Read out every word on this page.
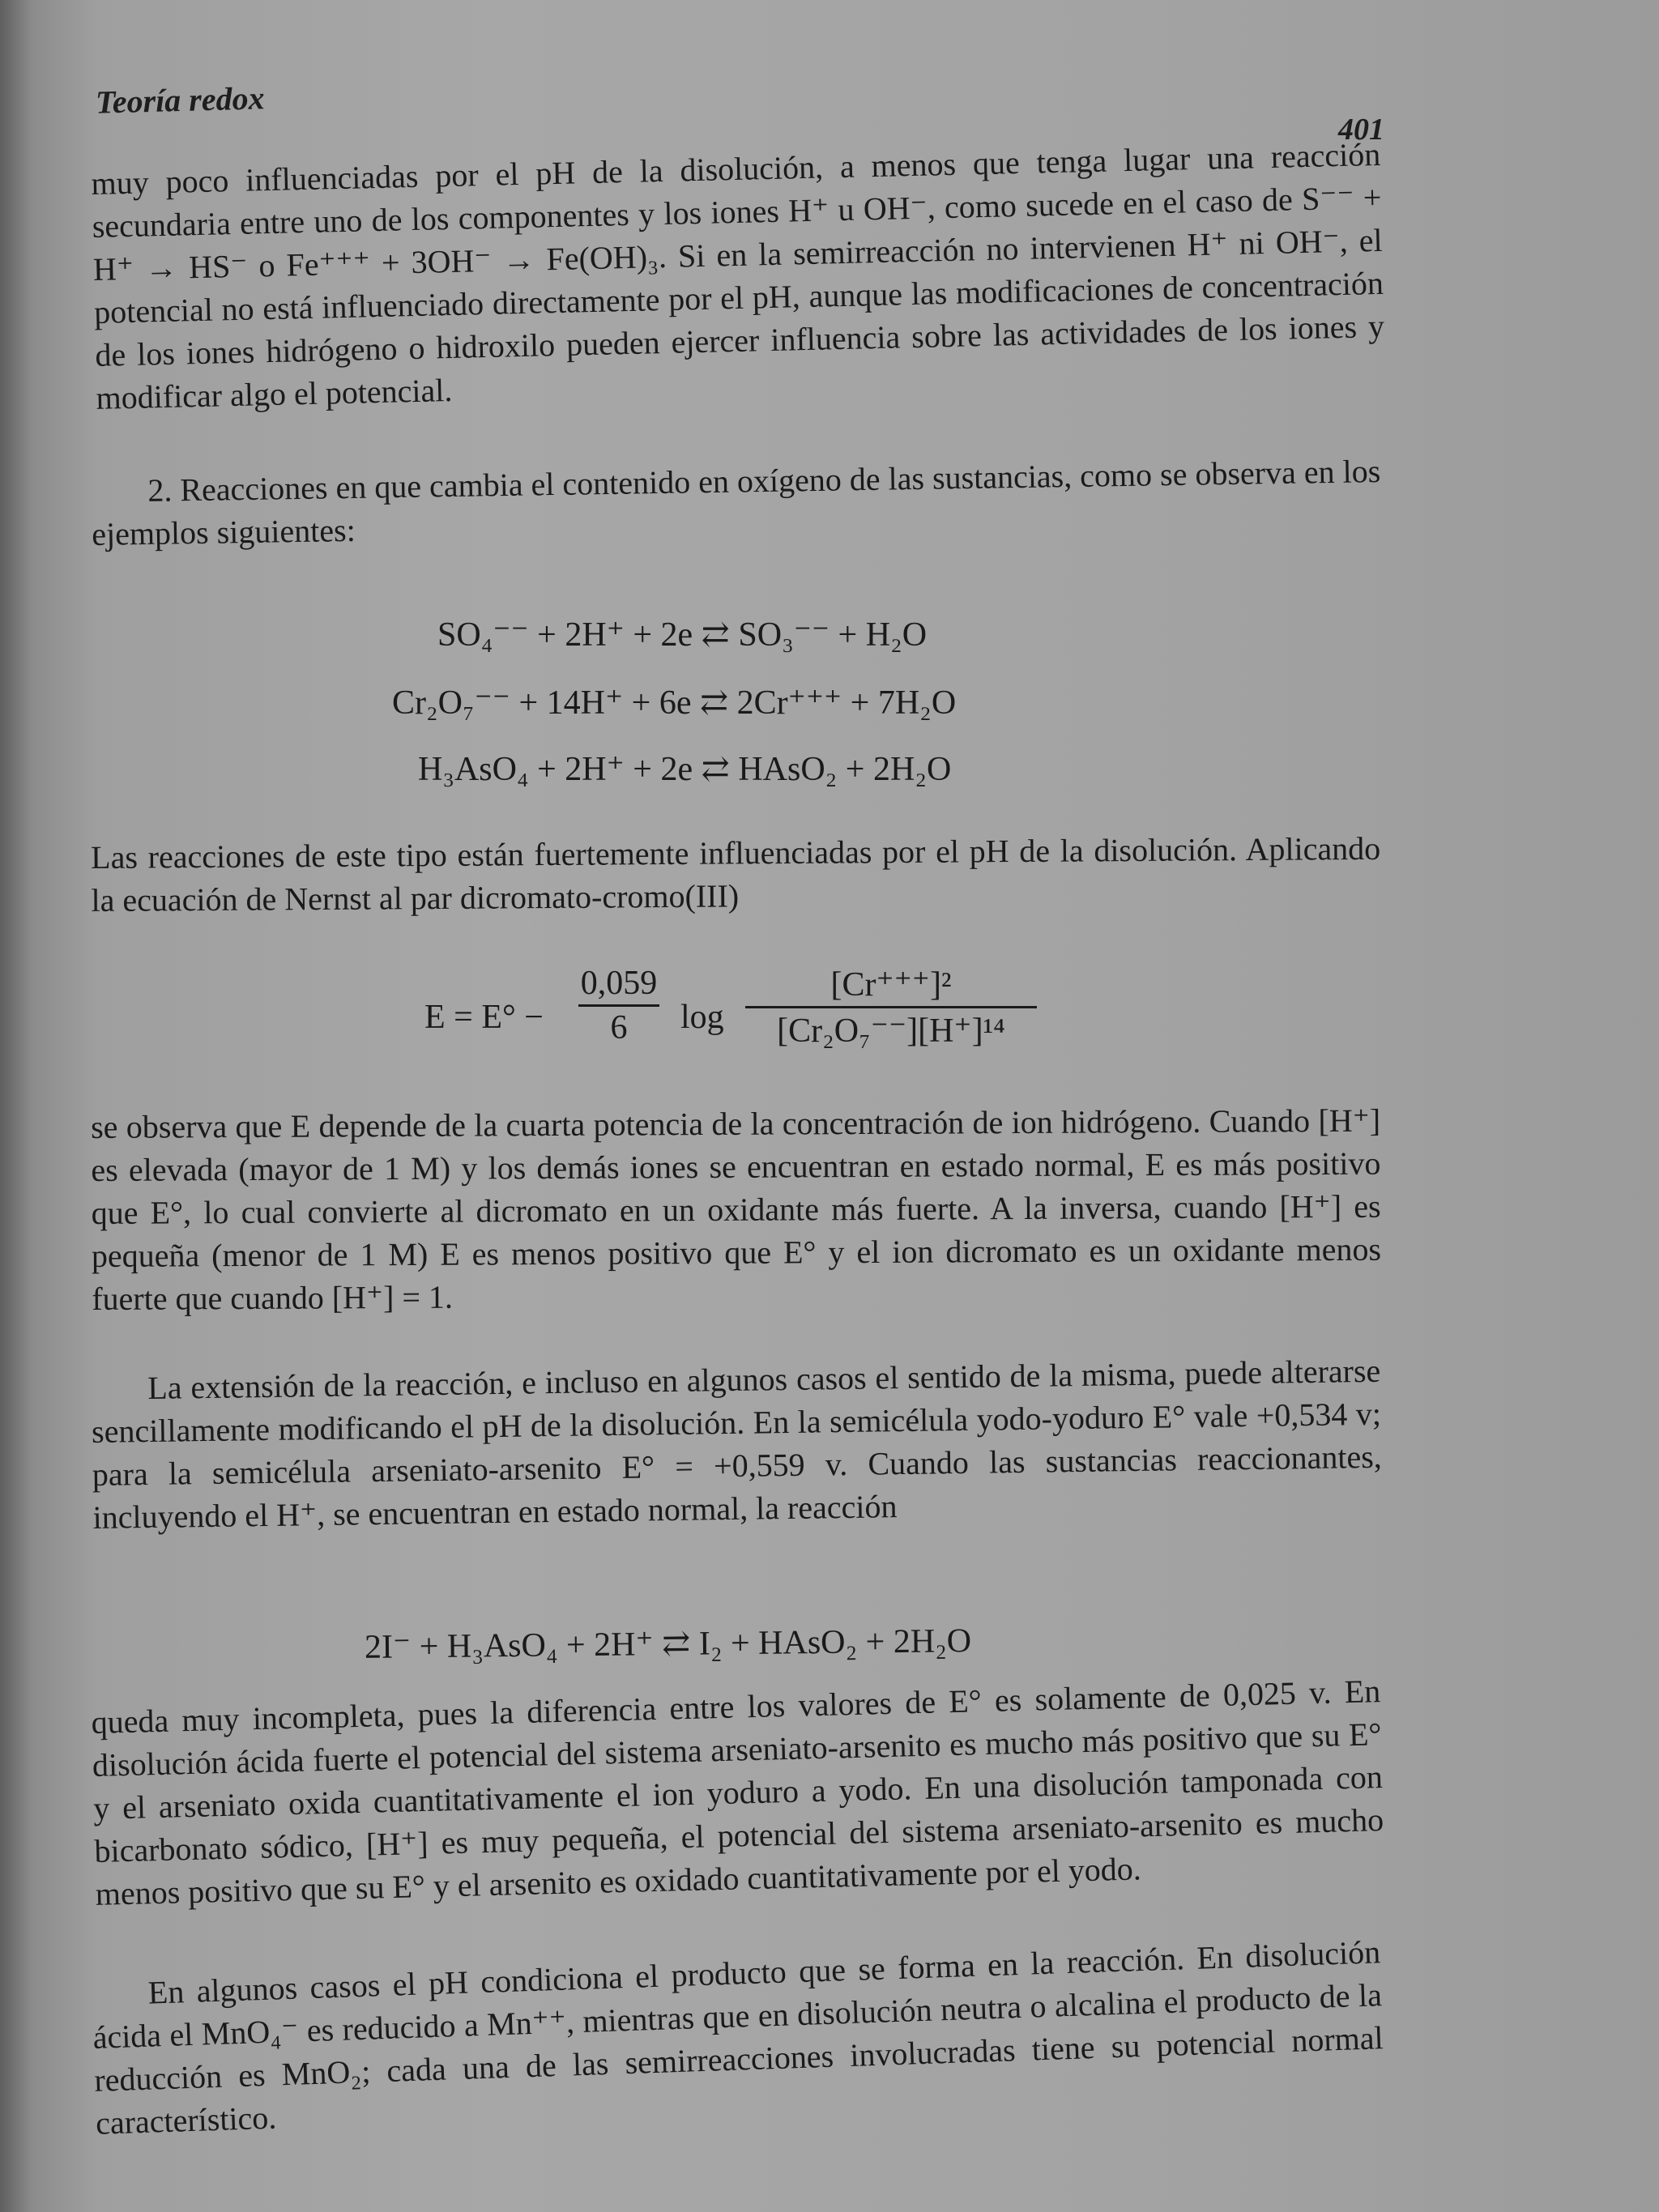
Teoría redox
401
muy poco influenciadas por el pH de la disolución, a menos que tenga lugar una reacción secundaria entre uno de los componentes y los iones H⁺ u OH⁻, como sucede en el caso de S⁻⁻ + H⁺ → HS⁻ o Fe⁺⁺⁺ + 3OH⁻ → Fe(OH)₃. Si en la semirreacción no intervienen H⁺ ni OH⁻, el potencial no está influenciado directamente por el pH, aunque las modificaciones de concentración de los iones hidrógeno o hidroxilo pueden ejercer influencia sobre las actividades de los iones y modificar algo el potencial.
2. Reacciones en que cambia el contenido en oxígeno de las sustancias, como se observa en los ejemplos siguientes:
SO₄⁻⁻ + 2H⁺ + 2e ⇄ SO₃⁻⁻ + H₂O
Cr₂O₇⁻⁻ + 14H⁺ + 6e ⇄ 2Cr⁺⁺⁺ + 7H₂O
H₃AsO₄ + 2H⁺ + 2e ⇄ HAsO₂ + 2H₂O
Las reacciones de este tipo están fuertemente influenciadas por el pH de la disolución. Aplicando la ecuación de Nernst al par dicromato-cromo(III)
E = E° −
0,059
6	log
[Cr⁺⁺⁺]²
[Cr₂O₇⁻⁻][H⁺]¹⁴
se observa que E depende de la cuarta potencia de la concentración de ion hidrógeno. Cuando [H⁺] es elevada (mayor de 1 M) y los demás iones se encuentran en estado normal, E es más positivo que E°, lo cual convierte al dicromato en un oxidante más fuerte. A la inversa, cuando [H⁺] es pequeña (menor de 1 M) E es menos positivo que E° y el ion dicromato es un oxidante menos fuerte que cuando [H⁺] = 1.
La extensión de la reacción, e incluso en algunos casos el sentido de la misma, puede alterarse sencillamente modificando el pH de la disolución. En la semicélula yodo-yoduro E° vale +0,534 v; para la semicélula arseniato-arsenito E° = +0,559 v. Cuando las sustancias reaccionantes, incluyendo el H⁺, se encuentran en estado normal, la reacción
2I⁻ + H₃AsO₄ + 2H⁺ ⇄ I₂ + HAsO₂ + 2H₂O
queda muy incompleta, pues la diferencia entre los valores de E° es solamente de 0,025 v. En disolución ácida fuerte el potencial del sistema arseniato-arsenito es mucho más positivo que su E° y el arseniato oxida cuantitativamente el ion yoduro a yodo. En una disolución tamponada con bicarbonato sódico, [H⁺] es muy pequeña, el potencial del sistema arseniato-arsenito es mucho menos positivo que su E° y el arsenito es oxidado cuantitativamente por el yodo.
En algunos casos el pH condiciona el producto que se forma en la reacción. En disolución ácida el MnO₄⁻ es reducido a Mn⁺⁺, mientras que en disolución neutra o alcalina el producto de la reducción es MnO₂; cada una de las semirreacciones involucradas tiene su potencial normal característico.
